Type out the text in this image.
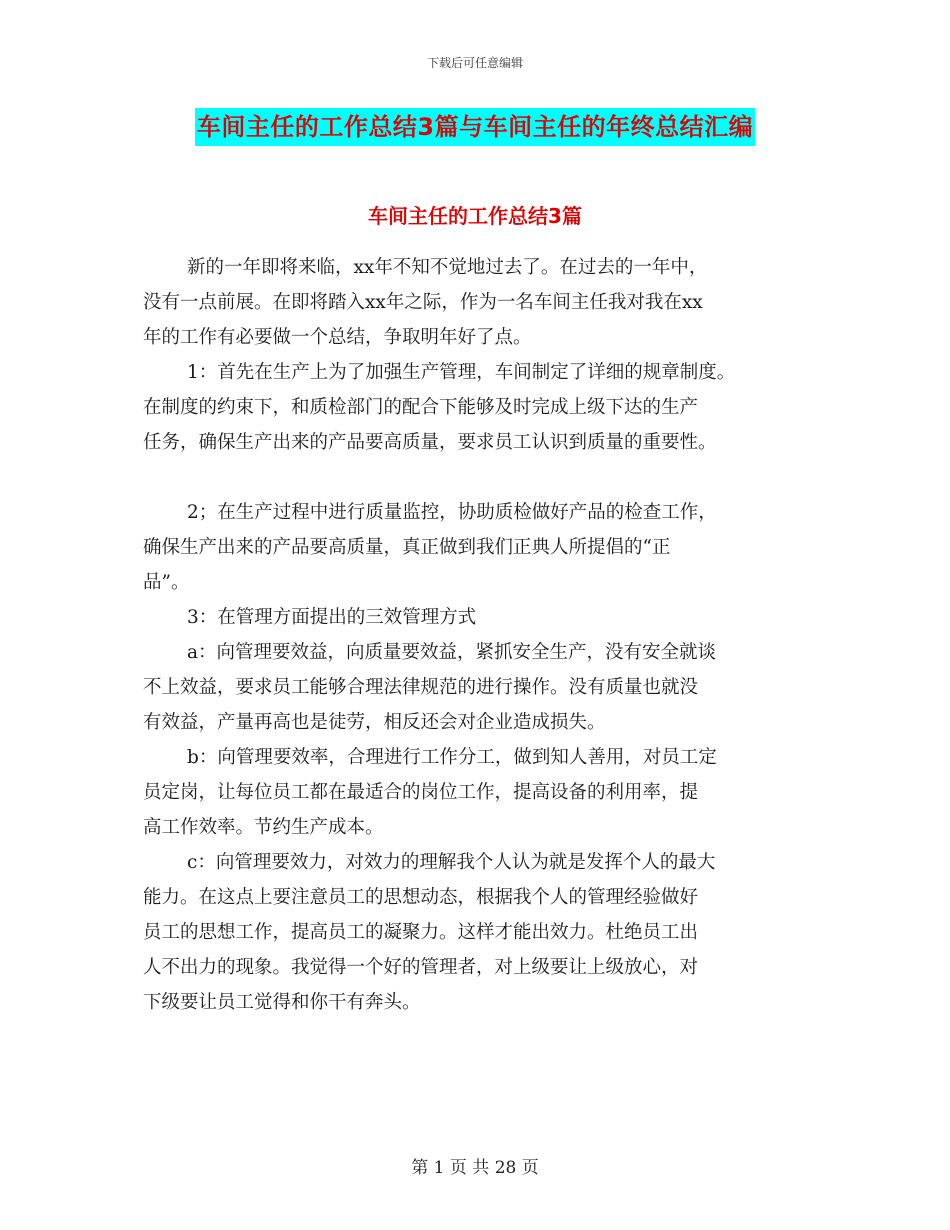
下载后可任意编辑
车间主任的工作总结3篇与车间主任的年终总结汇编
车间主任的工作总结3篇
新的一年即将来临，xx年不知不觉地过去了。在过去的一年中，
没有一点前展。在即将踏入xx年之际，作为一名车间主任我对我在xx
年的工作有必要做一个总结，争取明年好了点。
1：首先在生产上为了加强生产管理，车间制定了详细的规章制度。
在制度的约束下，和质检部门的配合下能够及时完成上级下达的生产
任务，确保生产出来的产品要高质量，要求员工认识到质量的重要性。
2；在生产过程中进行质量监控，协助质检做好产品的检查工作，
确保生产出来的产品要高质量，真正做到我们正典人所提倡的“正
品”。
3：在管理方面提出的三效管理方式
a：向管理要效益，向质量要效益，紧抓安全生产，没有安全就谈
不上效益，要求员工能够合理法律规范的进行操作。没有质量也就没
有效益，产量再高也是徒劳，相反还会对企业造成损失。
b：向管理要效率，合理进行工作分工，做到知人善用，对员工定
员定岗，让每位员工都在最适合的岗位工作，提高设备的利用率，提
高工作效率。节约生产成本。
c：向管理要效力，对效力的理解我个人认为就是发挥个人的最大
能力。在这点上要注意员工的思想动态，根据我个人的管理经验做好
员工的思想工作，提高员工的凝聚力。这样才能出效力。杜绝员工出
人不出力的现象。我觉得一个好的管理者，对上级要让上级放心，对
下级要让员工觉得和你干有奔头。
第 1 页 共 28 页
